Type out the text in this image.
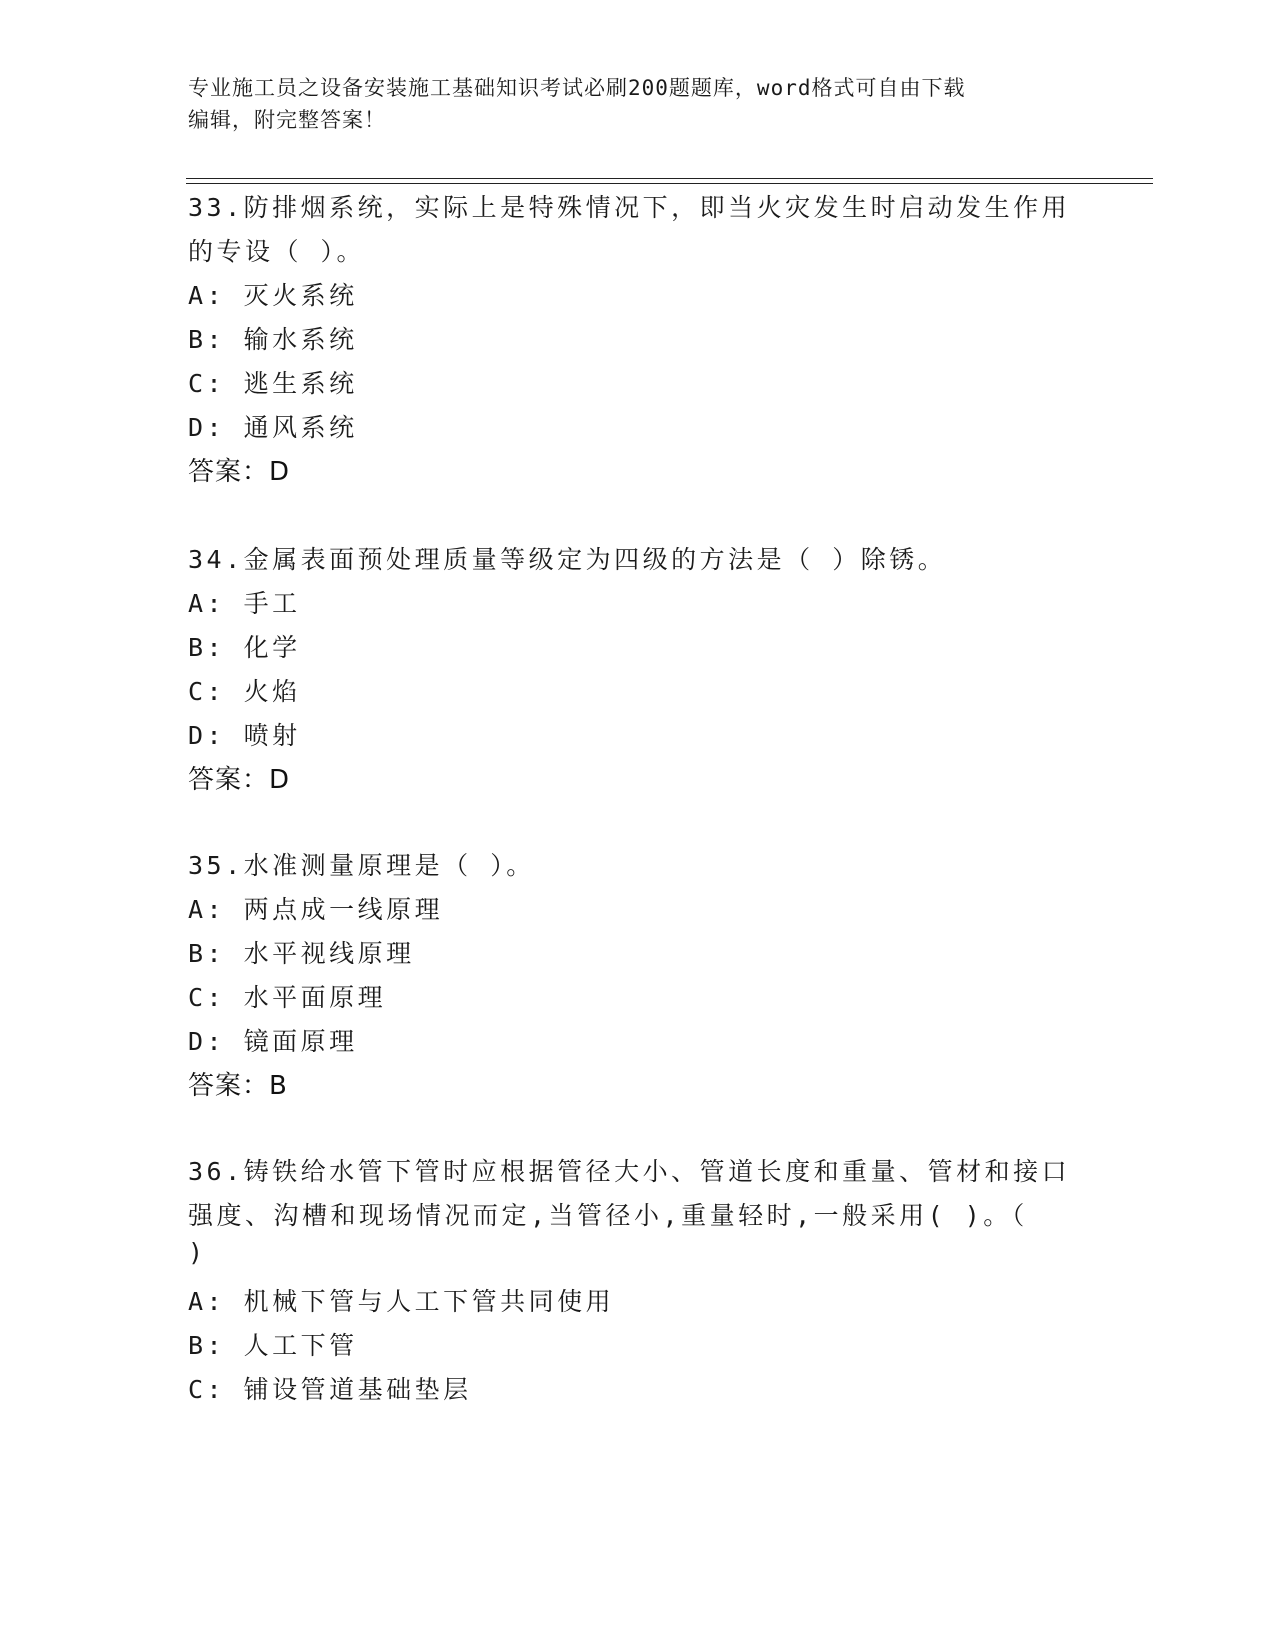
专业施工员之设备安装施工基础知识考试必刷200题题库，word格式可自由下载
编辑，附完整答案！
33.防排烟系统，实际上是特殊情况下，即当火灾发生时启动发生作用
的专设（ ）。
A: 灭火系统
B: 输水系统
C: 逃生系统
D: 通风系统
答案：D
34.金属表面预处理质量等级定为四级的方法是（ ）除锈。
A: 手工
B: 化学
C: 火焰
D: 喷射
答案：D
35.水准测量原理是（ ）。
A: 两点成一线原理
B: 水平视线原理
C: 水平面原理
D: 镜面原理
答案：B
36.铸铁给水管下管时应根据管径大小、管道长度和重量、管材和接口
强度、沟槽和现场情况而定,当管径小,重量轻时,一般采用( )。（
)
A: 机械下管与人工下管共同使用
B: 人工下管
C: 铺设管道基础垫层
